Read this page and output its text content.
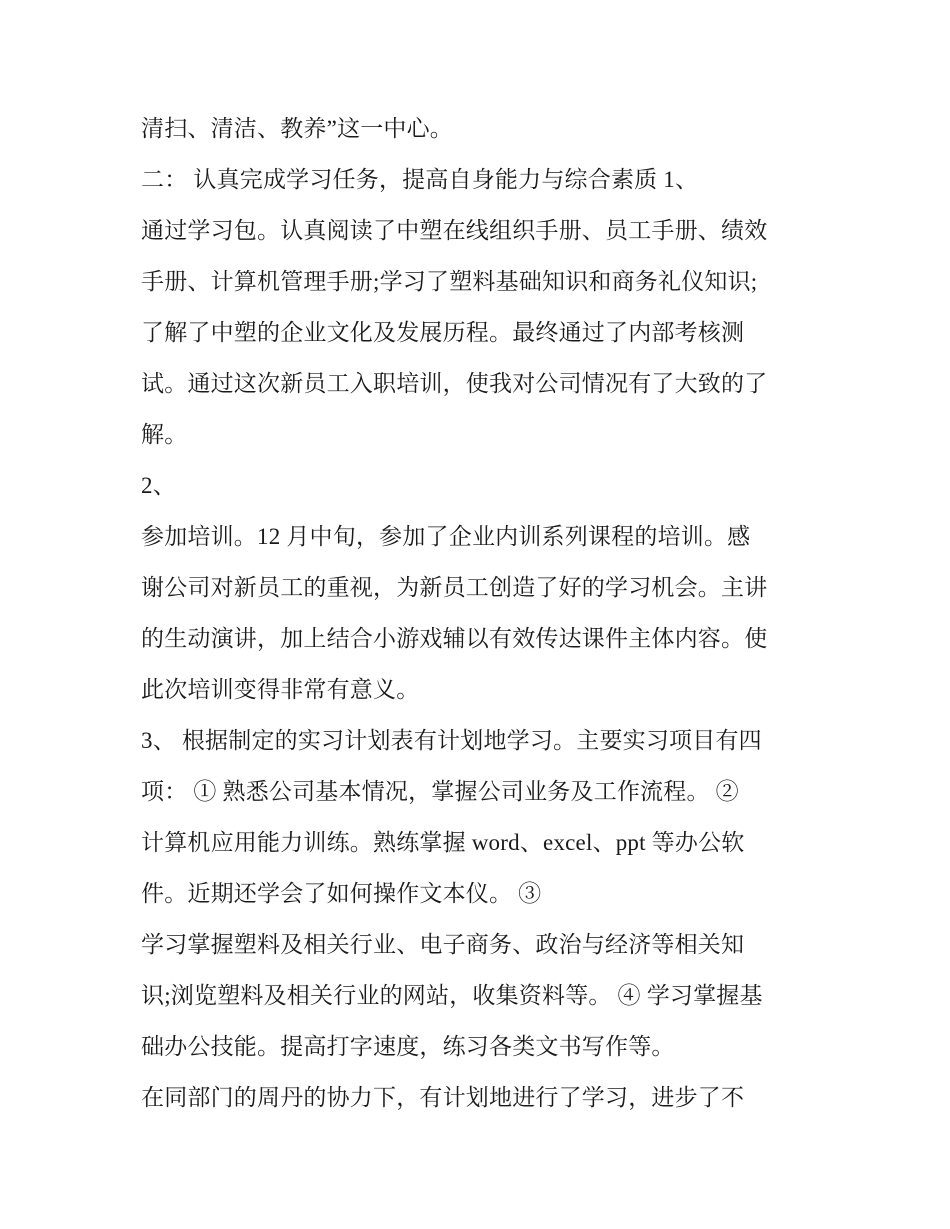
清扫、清洁、教养”这一中心。
二： 认真完成学习任务，提高自身能力与综合素质 1、
通过学习包。认真阅读了中塑在线组织手册、员工手册、绩效
手册、计算机管理手册;学习了塑料基础知识和商务礼仪知识;
了解了中塑的企业文化及发展历程。最终通过了内部考核测
试。通过这次新员工入职培训，使我对公司情况有了大致的了
解。
2、
参加培训。12 月中旬，参加了企业内训系列课程的培训。感
谢公司对新员工的重视，为新员工创造了好的学习机会。主讲
的生动演讲，加上结合小游戏辅以有效传达课件主体内容。使
此次培训变得非常有意义。
3、 根据制定的实习计划表有计划地学习。主要实习项目有四
项： ① 熟悉公司基本情况，掌握公司业务及工作流程。 ②
计算机应用能力训练。熟练掌握 word、excel、ppt 等办公软
件。近期还学会了如何操作文本仪。 ③
学习掌握塑料及相关行业、电子商务、政治与经济等相关知
识;浏览塑料及相关行业的网站，收集资料等。 ④ 学习掌握基
础办公技能。提高打字速度，练习各类文书写作等。
在同部门的周丹的协力下，有计划地进行了学习，进步了不
